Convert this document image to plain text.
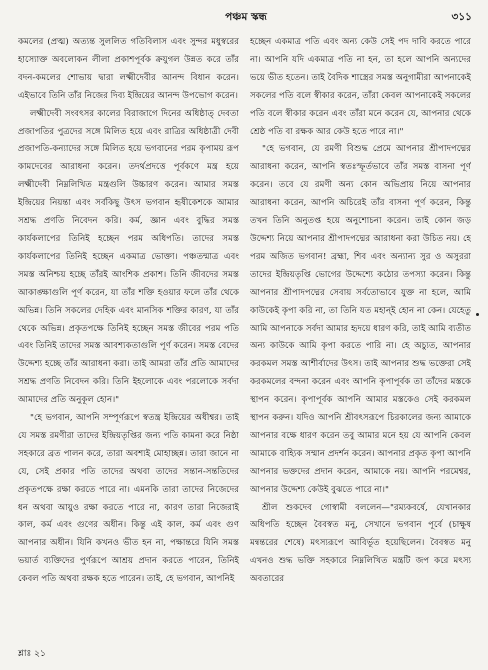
পঞ্চম স্কন্ধ	৩১১

কমলের (প্রত্ম) অত্যন্ত সুললিত গতিবিলাস এবং সুন্দর মধুস্বরের হাস্যোক্ত অবলোকন লীলা প্রকাশপূর্বক ক্রযুগল উন্নত করে তাঁর বদন-কমলের শোভায় দ্বারা লক্ষ্মীদেবীর আনন্দ বিধান করেন। এইভাবে তিনি তাঁর নিজের দিব্য ইন্দ্রিয়ের আনন্দ উপভোগ করেন।

লক্ষ্মীদেবী সংবৎসর কালের বিরাজাগে দিনের অধিষ্ঠাত্ দেবতা প্রজাপতির পুত্রদের সঙ্গে মিলিত হয়ে এবং রাত্রির অধিষ্ঠাত্রী দেবী প্রজাপতি-কন্যাদের সঙ্গে মিলিত হয়ে ভগবানের পরম কৃপাময় রূপ কামদেবের আরাধনা করেন। তদর্থপ্রদত্তে পূর্বকণে মন্ত্র হয়ে লক্ষ্মীদেবী নিম্নলিখিত মন্ত্রগুলি উচ্চারণ করেন। আমার সমস্ত ইন্দ্রিয়ের নিয়ন্তা এবং সর্বকিছু উৎস ভগবান হৃষীকেশকে আমার সশ্রদ্ধ প্রণতি নিবেদন করি। কর্ম, জ্ঞান এবং বুদ্ধির সমস্ত কার্যকলাপের তিনিই হচ্ছেন পরম অধিপতি। তাদের সমস্ত কার্যকলাপের তিনিই হচ্ছেন একমাত্র ভোক্তা। পঞ্চতন্মাত্র এবং সমস্ত অনিশ্চয় হচ্ছে তাঁরই আংশিক প্রকাশ। তিনি জীবদের সমস্ত আকাঙ্ক্ষাগুলি পূর্ণ করেন, যা তাঁর শক্তি হওয়ার ফলে তাঁর থেকে অভিন্ন। তিনি সকলের দেহিক এবং মানসিক শক্তির কারণ, যা তাঁর থেকে অভিন্ন। প্রকৃতপক্ষে তিনিই হচ্ছেন সমস্ত জীবের পরম পতি এবং তিনিই তাদের সমস্ত আবশ্যকতাগুলি পূর্ণ করেন। সমস্ত বেদের উদ্দেশ্য হচ্ছে তাঁর আরাধনা করা। তাই আমরা তাঁর প্রতি আমাদের সশ্রদ্ধ প্রণতি নিবেদন করি। তিনি ইহলোকে এবং পরলোকে সর্বদা আমাদের প্রতি অনুকূল হোন।"

"হে ভগবান, আপনি সম্পূর্ণরূপে স্বতন্ত্র ইন্দ্রিয়ের অধীশ্বর। তাই যে সমস্ত রমণীরা তাদের ইন্দ্রিয়তৃপ্তির জন্য পতি কামনা করে নিষ্ঠা সহকারে ব্রত পালন করে, তারা অবশ্যই মোহাচ্ছন্ন। তারা জানে না যে, সেই প্রকার পতি তাদের অথবা তাদের সন্তান-সন্ততিদের প্রকৃতপক্ষে রক্ষা করতে পারে না। এমনকি তারা তাদের নিজেদের ধন অথবা আয়ুও রক্ষা করতে পারে না, কারণ তারা নিজেরাই কাল, কর্ম এবং গুণের অধীন। কিন্তু এই কাল, কর্ম এবং গুণ আপনার অধীন। যিনি কখনও ভীত হন না, পক্ষান্তরে যিনি সমস্ত ভয়ার্ত ব্যক্তিদের পুর্ণরূপে আশ্রয় প্রদান করতে পারেন, তিনিই কেবল পতি অথবা রক্ষক হতে পারেন। তাই, হে ভগবান, আপনিই

হচ্ছেন একমাত্র পতি এবং অন্য কেউ সেই পদ দাবি করতে পারে না। আপনি যদি একমাত্র পতি না হন, তা হলে আপনি অন্যদের ভয়ে ভীত হতেন। তাই বৈদিক শাস্ত্রের সমস্ত অনুগামীরা আপনাকেই সকলের পতি বলে স্বীকার করেন, তাঁরা কেবল আপনাকেই সকলের পতি বলে স্বীকার করেন এবং তাঁরা মনে করেন যে, আপনার থেকে শ্রেষ্ঠ পতি বা রক্ষক আর কেউ হতে পারে না।"

"হে ভগবান, যে রমণী বিশুদ্ধ প্রেমে আপনার শ্রীপাদপদ্মের আরাধনা করেন, আপনি স্বতঃস্ফূর্তভাবে তাঁর সমস্ত বাসনা পূর্ণ করেন। তবে যে রমণী অন্য কোন অভিপ্রায় নিয়ে আপনার আরাধনা করেন, আপনি অচিরেই তাঁর বাসনা পূর্ণ করেন, কিন্তু তখন তিনি অনুতপ্ত হয়ে অনুশোচনা করেন। তাই কোন জড় উদ্দেশ্য নিয়ে আপনার শ্রীপাদপদ্মের আরাধনা করা উচিত নয়। হে পরম অজিত ভগবান! ব্রহ্মা, শিব এবং অন্যান্য সুর ও অসুররা তাদের ইন্দ্রিয়তৃপ্তি ভোগের উদ্দেশ্যে কঠোর তপস্যা করেন। কিন্তু আপনার শ্রীপাদপদ্মের সেবায় সর্বতোভাবে যুক্ত না হলে, আমি কাউকেই কৃপা করি না, তা তিনি যত মহান্‌ই হোন না কেন। যেহেতু আমি আপনাকে সর্বদা আমার হৃদয়ে ধারণ করি, তাই আমি ব্যতীত অন্য কাউকে আমি কৃপা করতে পারি না। হে অচ্যুত, আপনার করকমল সমস্ত আশীর্বাদের উৎস। তাই আপনার শুদ্ধ ভক্তেরা সেই করকমলের বন্দনা করেন এবং আপনি কৃপাপূর্বক তা তাঁদের মস্তকে স্থাপন করেন। কৃপাপূর্বক আপনি আমার মস্তকেও সেই করকমল স্থাপন করুন। যদিও আপনি শ্রীবৎসরূপে চিরকালের জন্য আমাকে আপনার বক্ষে ধারণ করেন তবু আমার মনে হয় যে আপনি কেবল আমাকে বাহ্যিক সম্মান প্রদর্শন করেন। আপনার প্রকৃত কৃপা আপনি আপনার ভক্তদের প্রদান করেন, আমাকে নয়। আপনি পরমেশ্বর, আপনার উদ্দেশ্য কেউই বুঝতে পারে না।"

শ্রীল শুকদেব গোস্বামী বললেন—"রম্যকবর্ষে, যেখানকার অধিপতি হচ্ছেন বৈবস্বত মনু, সেখানে ভগবান পূর্বে (চাক্ষুষ মন্বন্তরের শেষে) মৎস্যরূপে আবির্ভূত হয়েছিলেন। বৈবস্বত মনু এখনও শুদ্ধ ভক্তি সহকারে নিম্নলিখিত মন্ত্রটি জপ করে মৎস্য অবতারের

শ্লাঃ ২১
